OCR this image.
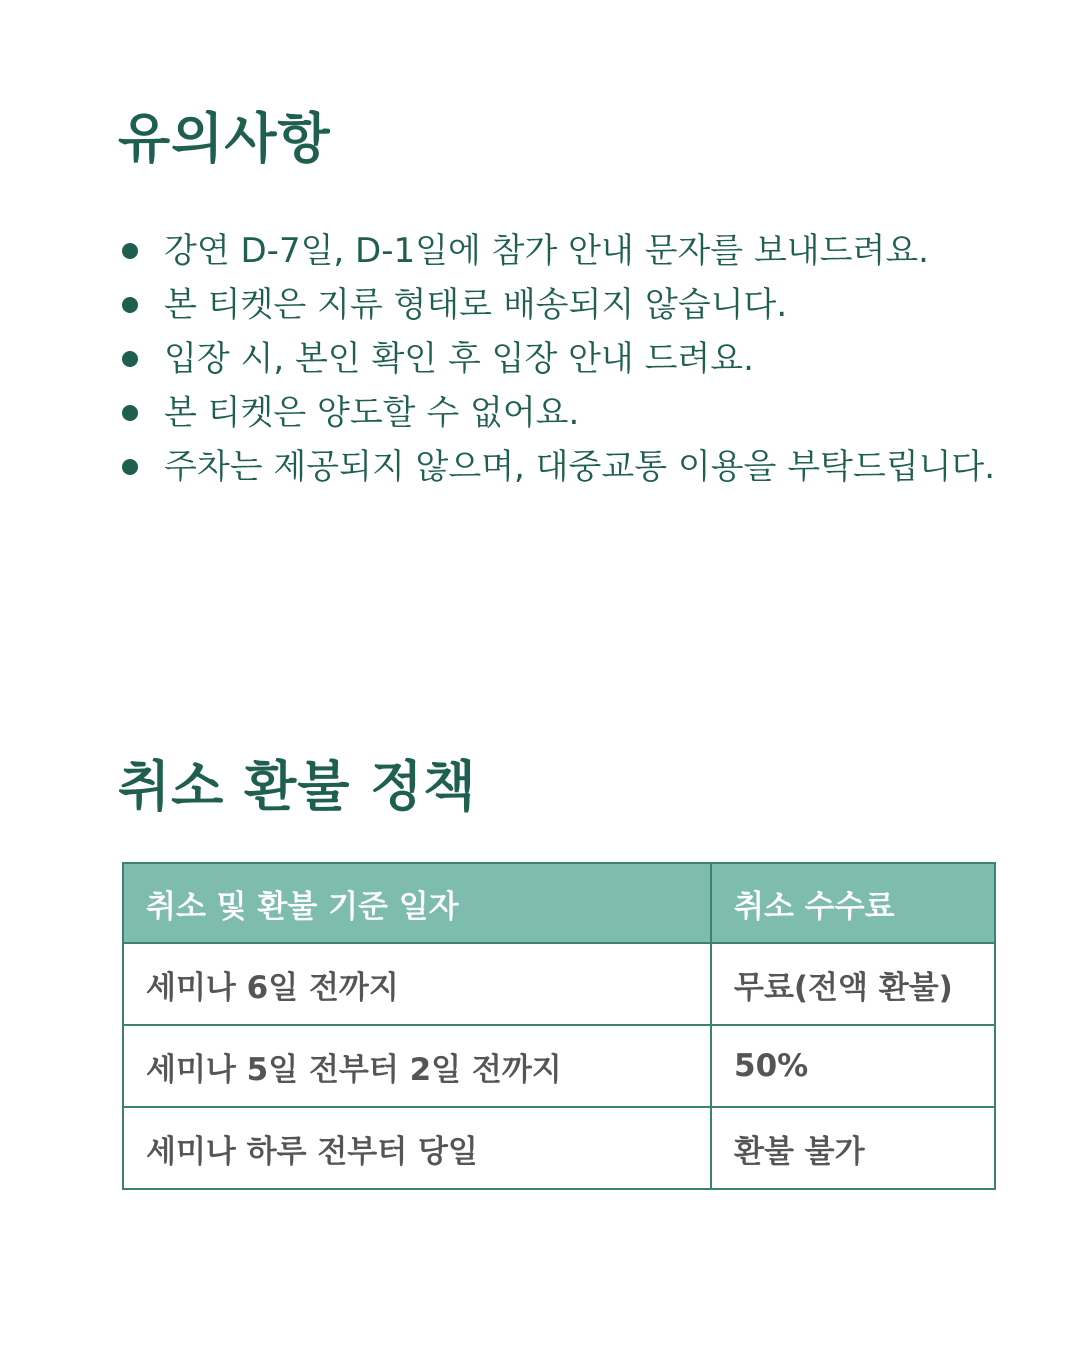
유의사항
강연 D-7일, D-1일에 참가 안내 문자를 보내드려요.
본 티켓은 지류 형태로 배송되지 않습니다.
입장 시, 본인 확인 후 입장 안내 드려요.
본 티켓은 양도할 수 없어요.
주차는 제공되지 않으며, 대중교통 이용을 부탁드립니다.
취소 환불 정책
취소 및 환불 기준 일자	취소 수수료
세미나 6일 전까지	무료(전액 환불)
세미나 5일 전부터 2일 전까지	50%
세미나 하루 전부터 당일	환불 불가
